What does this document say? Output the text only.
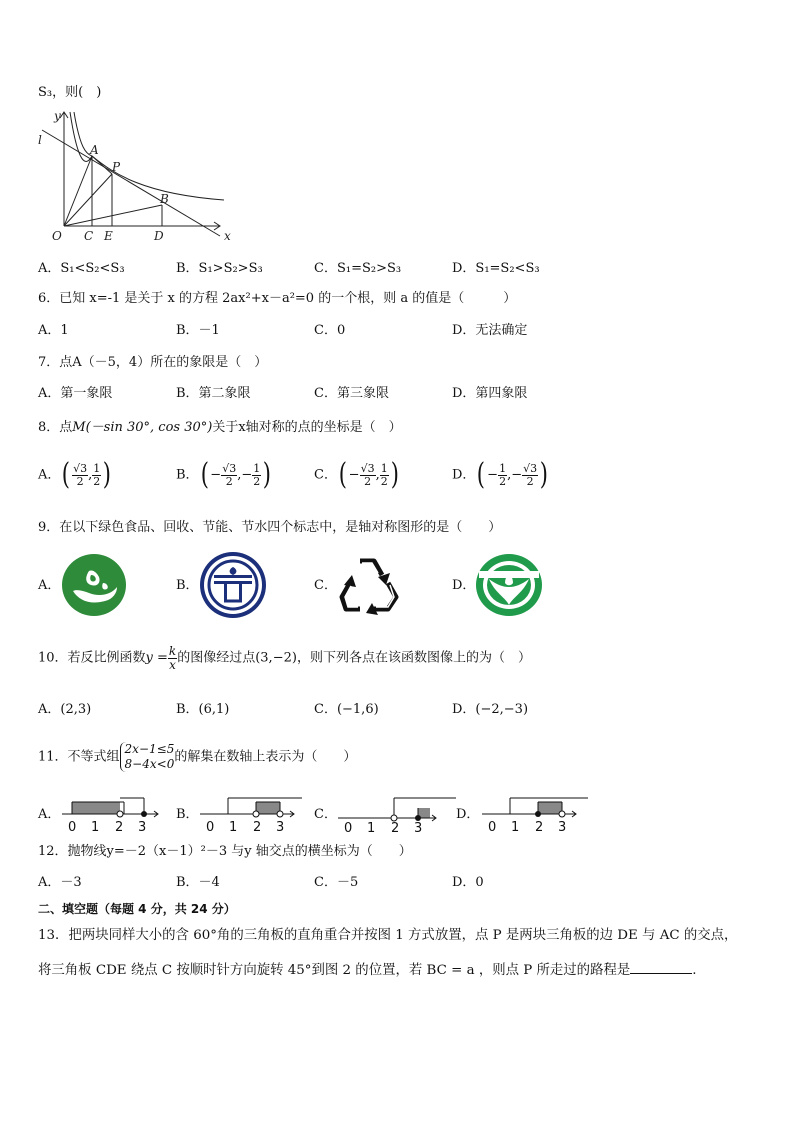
S₃，则(　)
y
l
A
P
B
O C E	D	x
A．S₁<S₂<S₃	B．S₁>S₂>S₃	C．S₁=S₂>S₃	D．S₁=S₂<S₃
6．已知 x=-1 是关于 x 的方程 2ax²+x－a²=0 的一个根，则 a 的值是（　　　）
A．1	B．－1	C．0	D．无法确定
7．点A（－5，4）所在的象限是（　）
A．第一象限	B．第二象限	C．第三象限	D．第四象限
8．点M(－sin 30°, cos 30°)关于x轴对称的点的坐标是（　）
A．( $\frac{√3}{2}$ , $\frac{1}{2}$ )	B．( − $\frac{√3}{2}$ ,− $\frac{1}{2}$ )	C．( − $\frac{√3}{2}$ , $\frac{1}{2}$ )	D．( − $\frac{1}{2}$ ,− $\frac{√3}{2}$ )
9．在以下绿色食品、回收、节能、节水四个标志中，是轴对称图形的是（　　）
A．	B．	C．	D．
10．若反比例函数$y = \frac{k}{x}$ 的图像经过点(3,−2)，则下列各点在该函数图像上的为（　）
A．(2,3)	B．(6,1)	C．(−1,6)	D．(−2,−3)
11．不等式组
2x−1≤5
8−4x<0 的解集在数轴上表示为（　　）
A．	B．	C．	D．
0 1 2 3	0 1 2 3	0 1 2 3	0 1 2 3
12．抛物线y=－2（x－1）²－3 与y 轴交点的横坐标为（　　）
A．－3	B．－4	C．－5	D．0
二、填空题（每题 4 分，共 24 分）
13．把两块同样大小的含 60°角的三角板的直角重合并按图 1 方式放置，点 P 是两块三角板的边 DE 与 AC 的交点，
将三角板 CDE 绕点 C 按顺时针方向旋转 45°到图 2 的位置，若 BC = a ，则点 P 所走过的路程是	.
